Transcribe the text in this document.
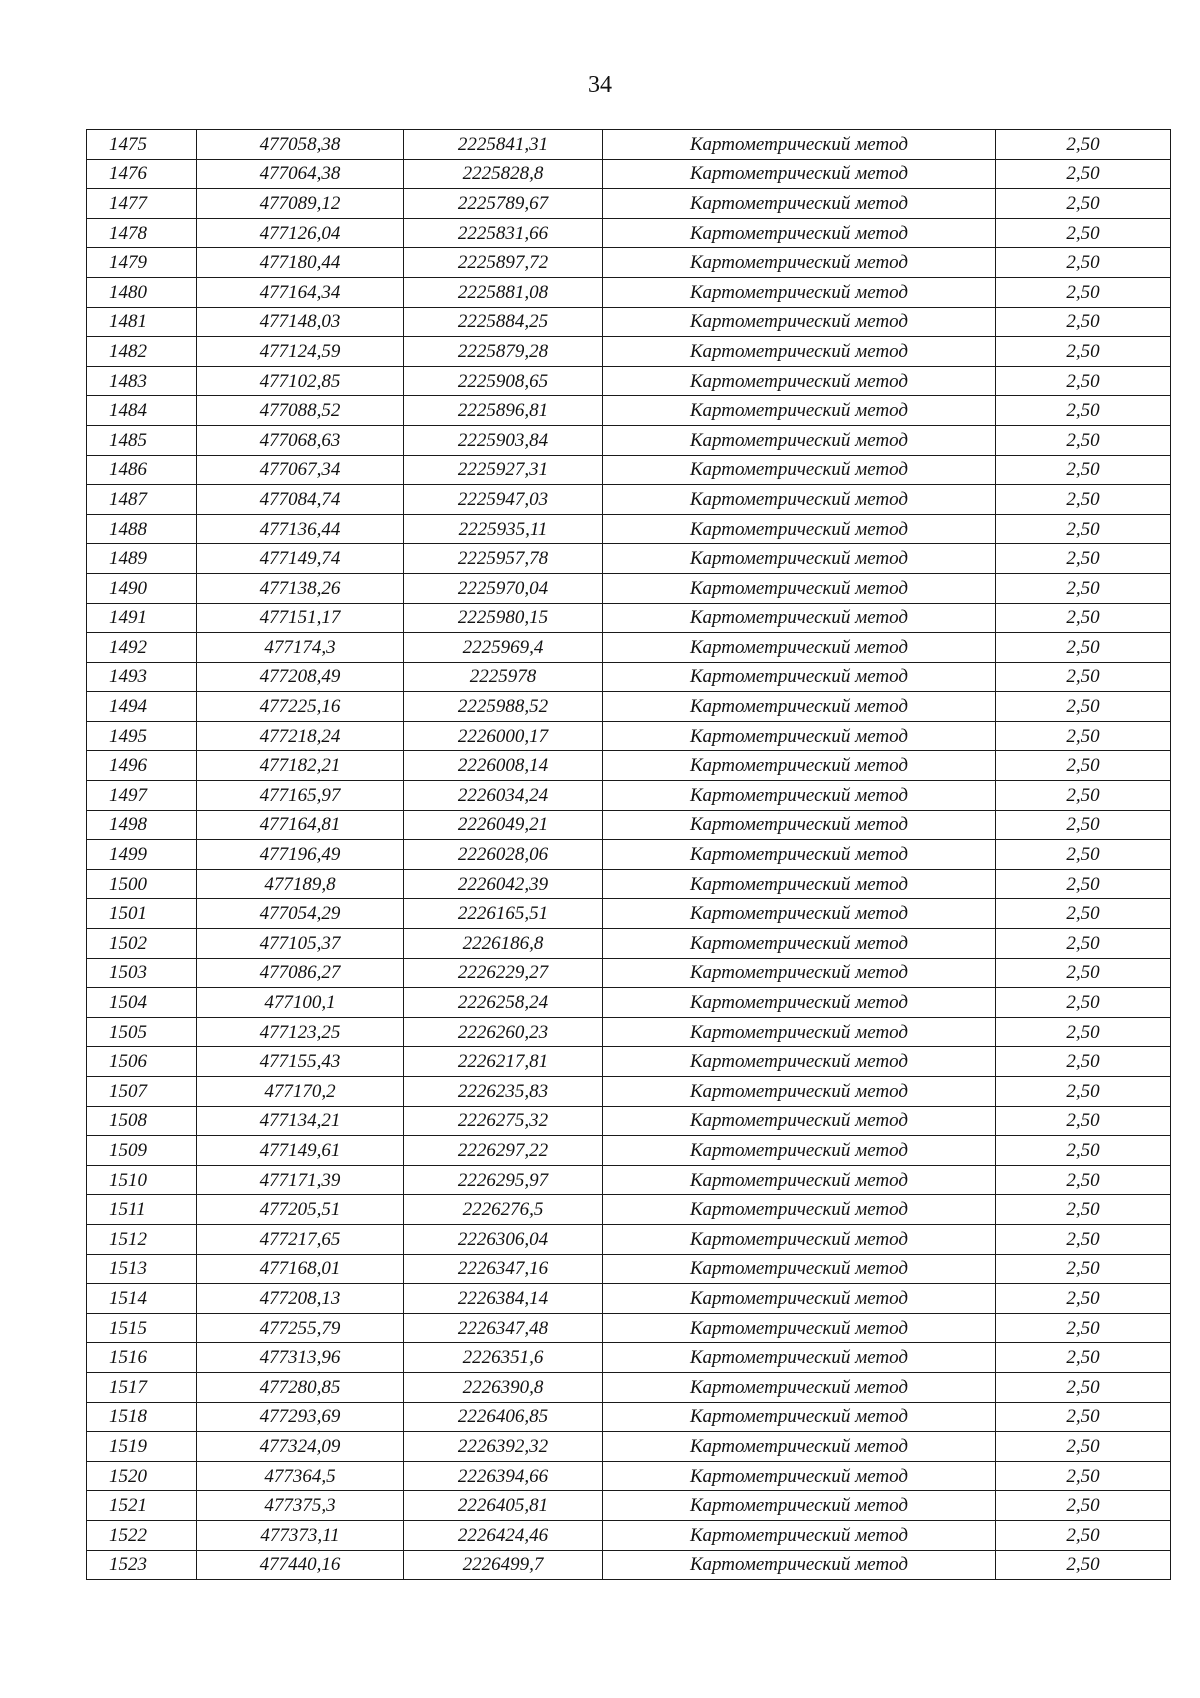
34
1475	477058,38	2225841,31	Картометрический метод	2,50
1476	477064,38	2225828,8	Картометрический метод	2,50
1477	477089,12	2225789,67	Картометрический метод	2,50
1478	477126,04	2225831,66	Картометрический метод	2,50
1479	477180,44	2225897,72	Картометрический метод	2,50
1480	477164,34	2225881,08	Картометрический метод	2,50
1481	477148,03	2225884,25	Картометрический метод	2,50
1482	477124,59	2225879,28	Картометрический метод	2,50
1483	477102,85	2225908,65	Картометрический метод	2,50
1484	477088,52	2225896,81	Картометрический метод	2,50
1485	477068,63	2225903,84	Картометрический метод	2,50
1486	477067,34	2225927,31	Картометрический метод	2,50
1487	477084,74	2225947,03	Картометрический метод	2,50
1488	477136,44	2225935,11	Картометрический метод	2,50
1489	477149,74	2225957,78	Картометрический метод	2,50
1490	477138,26	2225970,04	Картометрический метод	2,50
1491	477151,17	2225980,15	Картометрический метод	2,50
1492	477174,3	2225969,4	Картометрический метод	2,50
1493	477208,49	2225978	Картометрический метод	2,50
1494	477225,16	2225988,52	Картометрический метод	2,50
1495	477218,24	2226000,17	Картометрический метод	2,50
1496	477182,21	2226008,14	Картометрический метод	2,50
1497	477165,97	2226034,24	Картометрический метод	2,50
1498	477164,81	2226049,21	Картометрический метод	2,50
1499	477196,49	2226028,06	Картометрический метод	2,50
1500	477189,8	2226042,39	Картометрический метод	2,50
1501	477054,29	2226165,51	Картометрический метод	2,50
1502	477105,37	2226186,8	Картометрический метод	2,50
1503	477086,27	2226229,27	Картометрический метод	2,50
1504	477100,1	2226258,24	Картометрический метод	2,50
1505	477123,25	2226260,23	Картометрический метод	2,50
1506	477155,43	2226217,81	Картометрический метод	2,50
1507	477170,2	2226235,83	Картометрический метод	2,50
1508	477134,21	2226275,32	Картометрический метод	2,50
1509	477149,61	2226297,22	Картометрический метод	2,50
1510	477171,39	2226295,97	Картометрический метод	2,50
1511	477205,51	2226276,5	Картометрический метод	2,50
1512	477217,65	2226306,04	Картометрический метод	2,50
1513	477168,01	2226347,16	Картометрический метод	2,50
1514	477208,13	2226384,14	Картометрический метод	2,50
1515	477255,79	2226347,48	Картометрический метод	2,50
1516	477313,96	2226351,6	Картометрический метод	2,50
1517	477280,85	2226390,8	Картометрический метод	2,50
1518	477293,69	2226406,85	Картометрический метод	2,50
1519	477324,09	2226392,32	Картометрический метод	2,50
1520	477364,5	2226394,66	Картометрический метод	2,50
1521	477375,3	2226405,81	Картометрический метод	2,50
1522	477373,11	2226424,46	Картометрический метод	2,50
1523	477440,16	2226499,7	Картометрический метод	2,50
